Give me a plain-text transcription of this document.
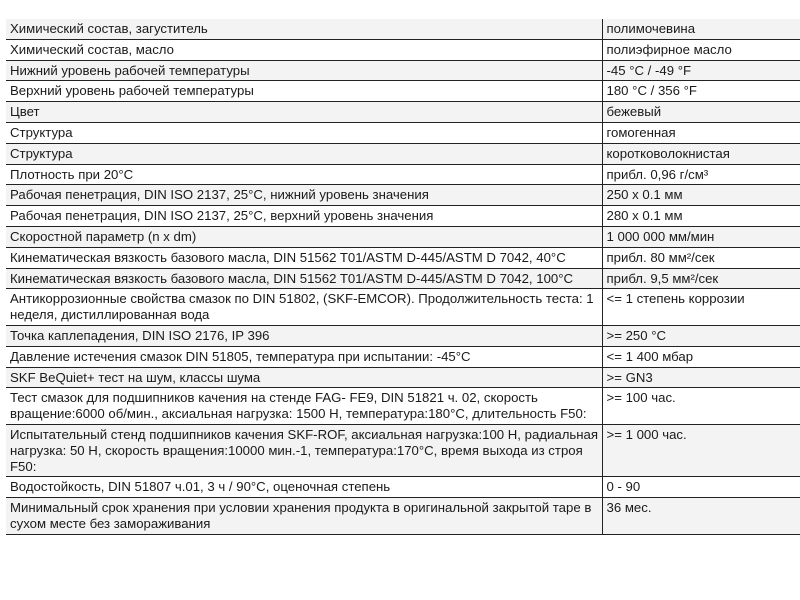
Химический состав, загуститель	полимочевина
Химический состав, масло	полиэфирное масло
Нижний уровень рабочей температуры	-45 °C / -49 °F
Верхний уровень рабочей температуры	180 °C / 356 °F
Цвет	бежевый
Структура	гомогенная
Структура	коротковолокнистая
Плотность при 20°C	прибл. 0,96 г/см³
Рабочая пенетрация, DIN ISO 2137, 25°C, нижний уровень значения	250 x 0.1 мм
Рабочая пенетрация, DIN ISO 2137, 25°C, верхний уровень значения	280 x 0.1 мм
Скоростной параметр (n x dm)	1 000 000 мм/мин
Кинематическая вязкость базового масла, DIN 51562 T01/ASTM D-445/ASTM D 7042, 40°C	прибл. 80 мм²/сек
Кинематическая вязкость базового масла, DIN 51562 T01/ASTM D-445/ASTM D 7042, 100°C	прибл. 9,5 мм²/сек
Антикоррозионные свойства смазок по DIN 51802, (SKF-EMCOR). Продолжительность теста: 1 неделя, дистиллированная вода	<= 1 степень коррозии
Точка каплепадения, DIN ISO 2176, IP 396	>= 250 °C
Давление истечения смазок DIN 51805, температура при испытании: -45°C	<= 1 400 мбар
SKF BeQuiet+ тест на шум, классы шума	>= GN3
Тест смазок для подшипников качения на стенде FAG- FE9, DIN 51821 ч. 02, скорость вращение:6000 об/мин., аксиальная нагрузка: 1500 Н, температура:180°C, длительность F50:	>= 100 час.
Испытательный стенд подшипников качения SKF-ROF, аксиальная нагрузка:100 Н, радиальная нагрузка: 50 Н, скорость вращения:10000 мин.-1, температура:170°C, время выхода из строя F50:	>= 1 000 час.
Водостойкость, DIN 51807 ч.01, 3 ч / 90°C, оценочная степень	0 - 90
Минимальный срок хранения при условии хранения продукта в оригинальной закрытой таре в сухом месте без замораживания	36 мес.
